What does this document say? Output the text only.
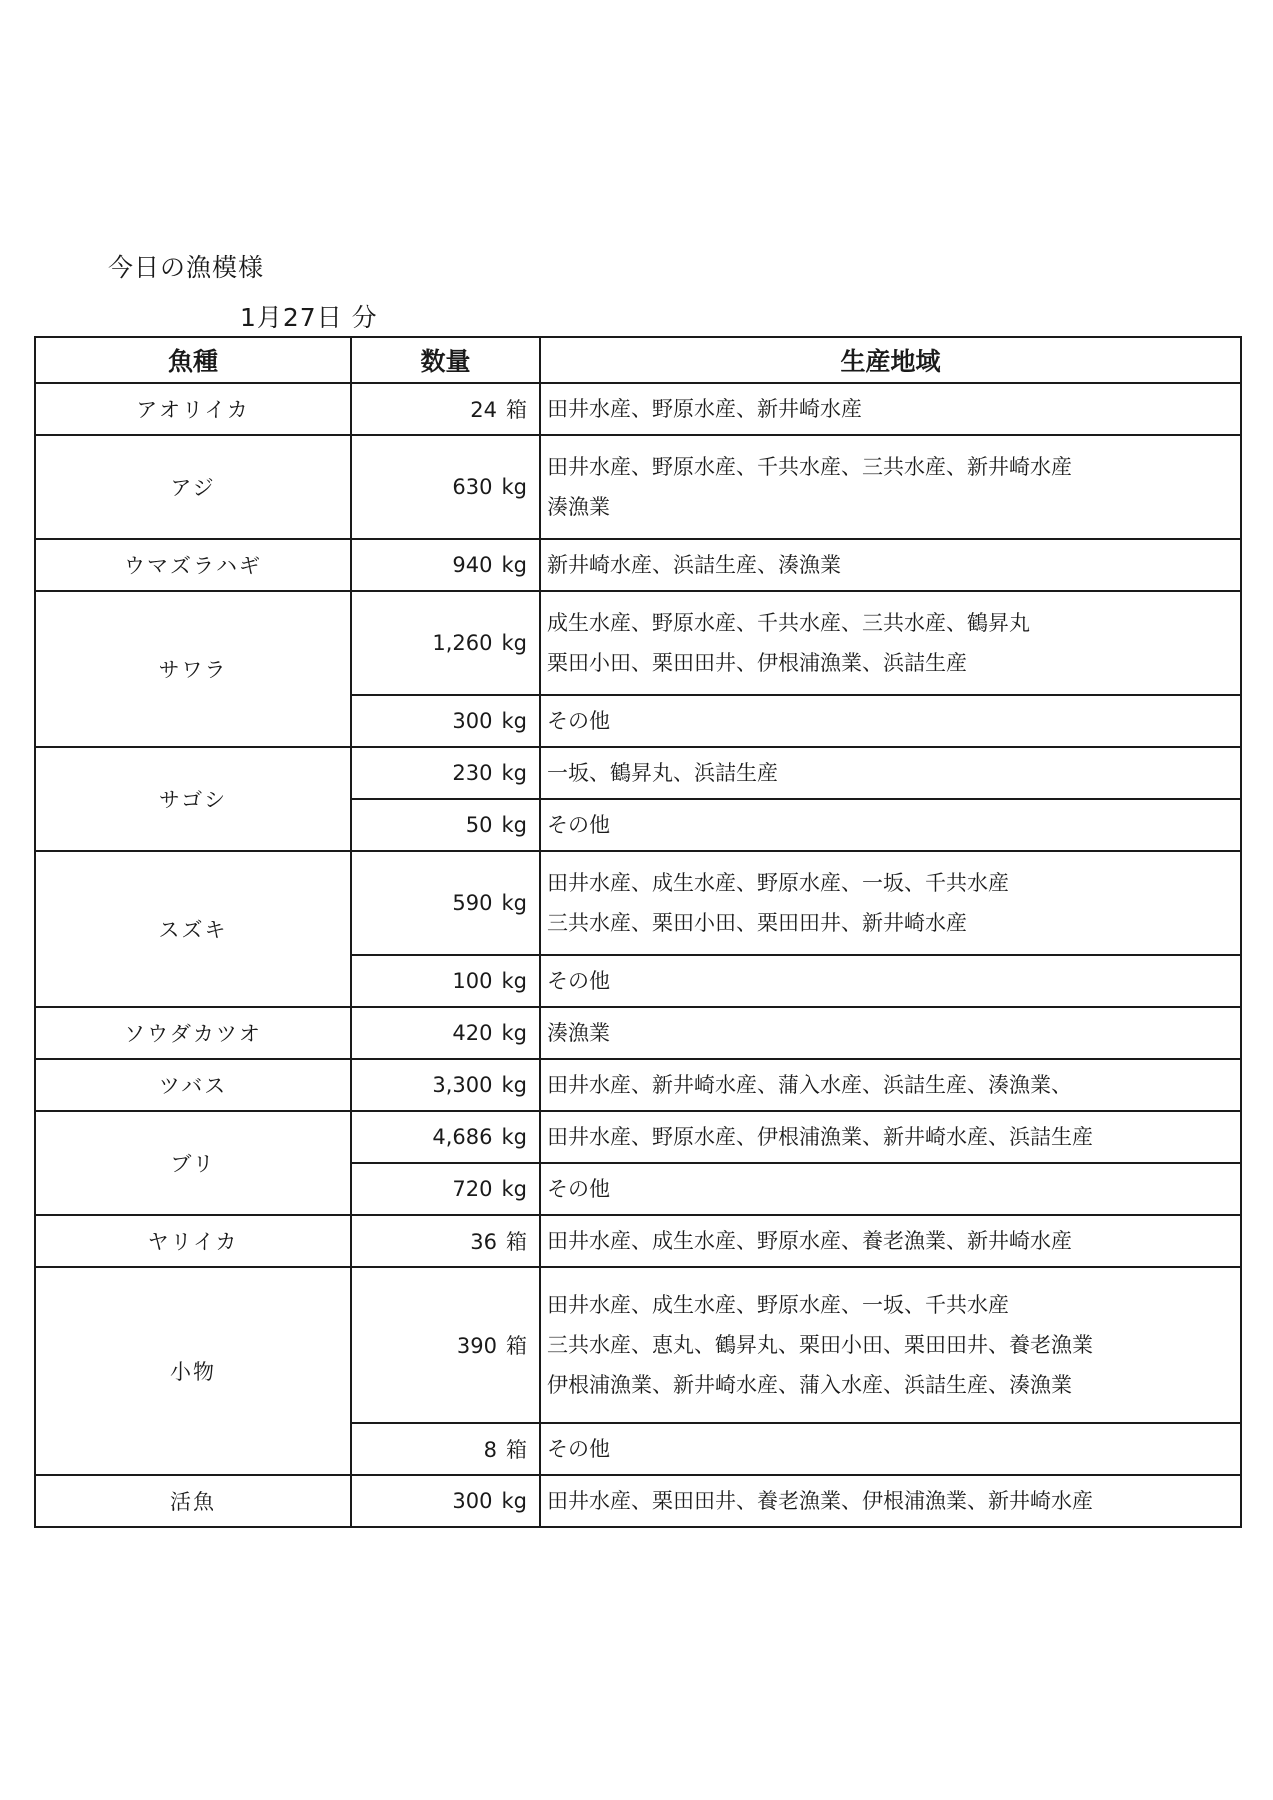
今日の漁模様
1月27日 分
魚種	数量	生産地域
アオリイカ	24 箱	田井水産、野原水産、新井崎水産

アジ	630 kg	田井水産、野原水産、千共水産、三共水産、新井崎水産
湊漁業

ウマズラハギ	940 kg	新井崎水産、浜詰生産、湊漁業

サワラ	1,260 kg	成生水産、野原水産、千共水産、三共水産、鶴昇丸
栗田小田、栗田田井、伊根浦漁業、浜詰生産

	300 kg	その他

サゴシ	230 kg	一坂、鶴昇丸、浜詰生産

	50 kg	その他

スズキ	590 kg	田井水産、成生水産、野原水産、一坂、千共水産
三共水産、栗田小田、栗田田井、新井崎水産

	100 kg	その他

ソウダカツオ	420 kg	湊漁業

ツバス	3,300 kg	田井水産、新井崎水産、蒲入水産、浜詰生産、湊漁業、

ブリ	4,686 kg	田井水産、野原水産、伊根浦漁業、新井崎水産、浜詰生産

	720 kg	その他

ヤリイカ	36 箱	田井水産、成生水産、野原水産、養老漁業、新井崎水産

小物	390 箱	田井水産、成生水産、野原水産、一坂、千共水産
三共水産、恵丸、鶴昇丸、栗田小田、栗田田井、養老漁業
伊根浦漁業、新井崎水産、蒲入水産、浜詰生産、湊漁業

	8 箱	その他

活魚	300 kg	田井水産、栗田田井、養老漁業、伊根浦漁業、新井崎水産
